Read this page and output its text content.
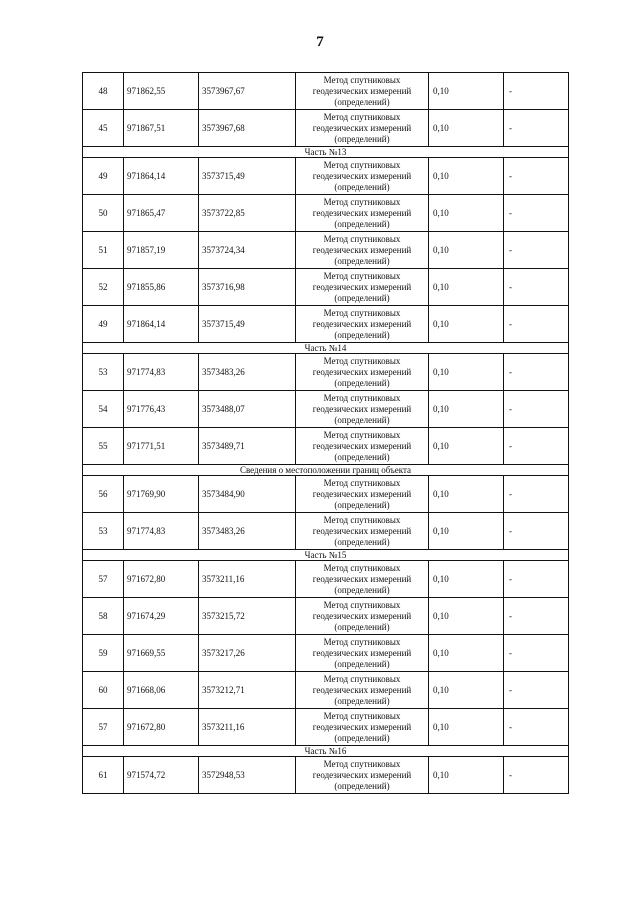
7
48	971862,55	3573967,67	Метод спутниковых
геодезических измерений
(определений)	0,10	-
45	971867,51	3573967,68	Метод спутниковых
геодезических измерений
(определений)	0,10	-
Часть №13					
49	971864,14	3573715,49	Метод спутниковых
геодезических измерений
(определений)	0,10	-
50	971865,47	3573722,85	Метод спутниковых
геодезических измерений
(определений)	0,10	-
51	971857,19	3573724,34	Метод спутниковых
геодезических измерений
(определений)	0,10	-
52	971855,86	3573716,98	Метод спутниковых
геодезических измерений
(определений)	0,10	-
49	971864,14	3573715,49	Метод спутниковых
геодезических измерений
(определений)	0,10	-
Часть №14					
53	971774,83	3573483,26	Метод спутниковых
геодезических измерений
(определений)	0,10	-
54	971776,43	3573488,07	Метод спутниковых
геодезических измерений
(определений)	0,10	-
55	971771,51	3573489,71	Метод спутниковых
геодезических измерений
(определений)	0,10	-
Сведения о местоположении границ объекта					
56	971769,90	3573484,90	Метод спутниковых
геодезических измерений
(определений)	0,10	-
53	971774,83	3573483,26	Метод спутниковых
геодезических измерений
(определений)	0,10	-
Часть №15					
57	971672,80	3573211,16	Метод спутниковых
геодезических измерений
(определений)	0,10	-
58	971674,29	3573215,72	Метод спутниковых
геодезических измерений
(определений)	0,10	-
59	971669,55	3573217,26	Метод спутниковых
геодезических измерений
(определений)	0,10	-
60	971668,06	3573212,71	Метод спутниковых
геодезических измерений
(определений)	0,10	-
57	971672,80	3573211,16	Метод спутниковых
геодезических измерений
(определений)	0,10	-
Часть №16					
61	971574,72	3572948,53	Метод спутниковых
геодезических измерений
(определений)	0,10	-
